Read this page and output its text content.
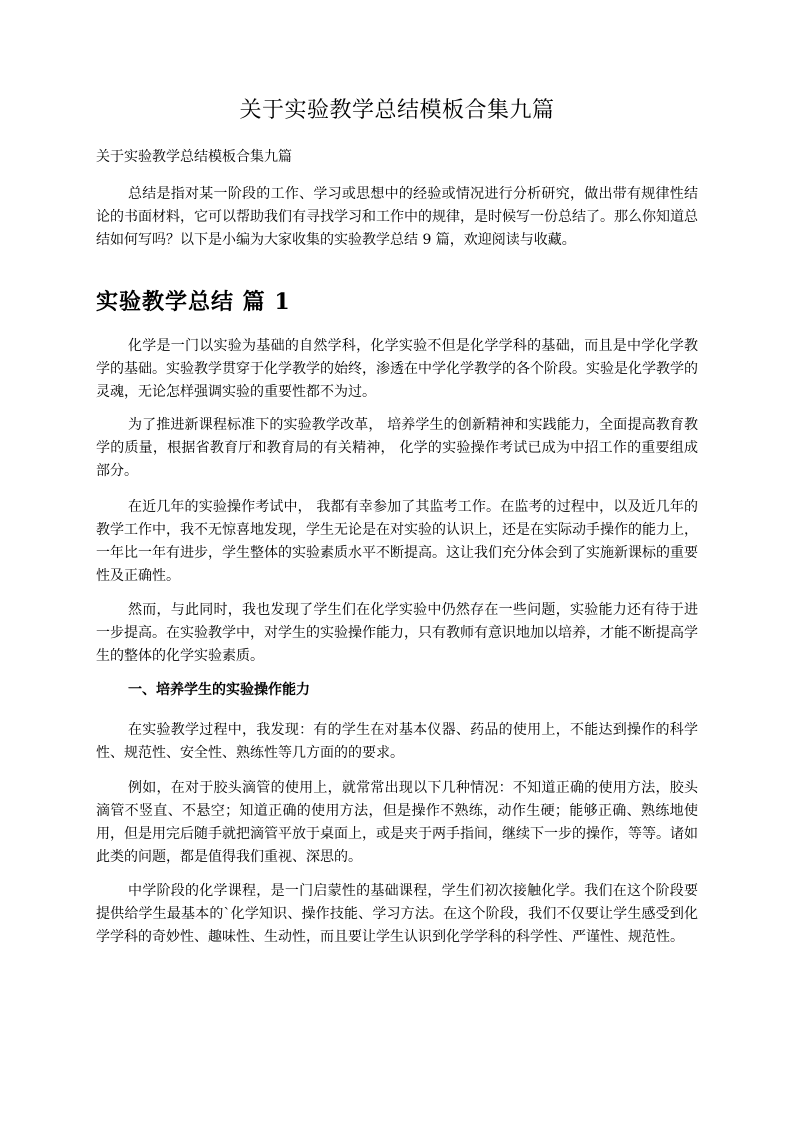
关于实验教学总结模板合集九篇

关于实验教学总结模板合集九篇

总结是指对某一阶段的工作、学习或思想中的经验或情况进行分析研究，做出带有规律性结论的书面材料，它可以帮助我们有寻找学习和工作中的规律，是时候写一份总结了。那么你知道总结如何写吗？以下是小编为大家收集的实验教学总结 9 篇，欢迎阅读与收藏。

实验教学总结 篇 1

化学是一门以实验为基础的自然学科，化学实验不但是化学学科的基础，而且是中学化学教学的基础。实验教学贯穿于化学教学的始终，渗透在中学化学教学的各个阶段。实验是化学教学的灵魂，无论怎样强调实验的重要性都不为过。

为了推进新课程标准下的实验教学改革， 培养学生的创新精神和实践能力，全面提高教育教学的质量，根据省教育厅和教育局的有关精神， 化学的实验操作考试已成为中招工作的重要组成部分。

在近几年的实验操作考试中， 我都有幸参加了其监考工作。在监考的过程中，以及近几年的教学工作中，我不无惊喜地发现，学生无论是在对实验的认识上，还是在实际动手操作的能力上，一年比一年有进步，学生整体的实验素质水平不断提高。这让我们充分体会到了实施新课标的重要性及正确性。

然而，与此同时，我也发现了学生们在化学实验中仍然存在一些问题，实验能力还有待于进一步提高。在实验教学中，对学生的实验操作能力，只有教师有意识地加以培养，才能不断提高学生的整体的化学实验素质。

一、培养学生的实验操作能力

在实验教学过程中，我发现：有的学生在对基本仪器、药品的使用上，不能达到操作的科学性、规范性、安全性、熟练性等几方面的的要求。

例如，在对于胶头滴管的使用上，就常常出现以下几种情况：不知道正确的使用方法，胶头滴管不竖直、不悬空；知道正确的使用方法，但是操作不熟练，动作生硬；能够正确、熟练地使用，但是用完后随手就把滴管平放于桌面上，或是夹于两手指间，继续下一步的操作，等等。诸如此类的问题，都是值得我们重视、深思的。

中学阶段的化学课程，是一门启蒙性的基础课程，学生们初次接触化学。我们在这个阶段要提供给学生最基本的`化学知识、操作技能、学习方法。在这个阶段，我们不仅要让学生感受到化学学科的奇妙性、趣味性、生动性，而且要让学生认识到化学学科的科学性、严谨性、规范性。
